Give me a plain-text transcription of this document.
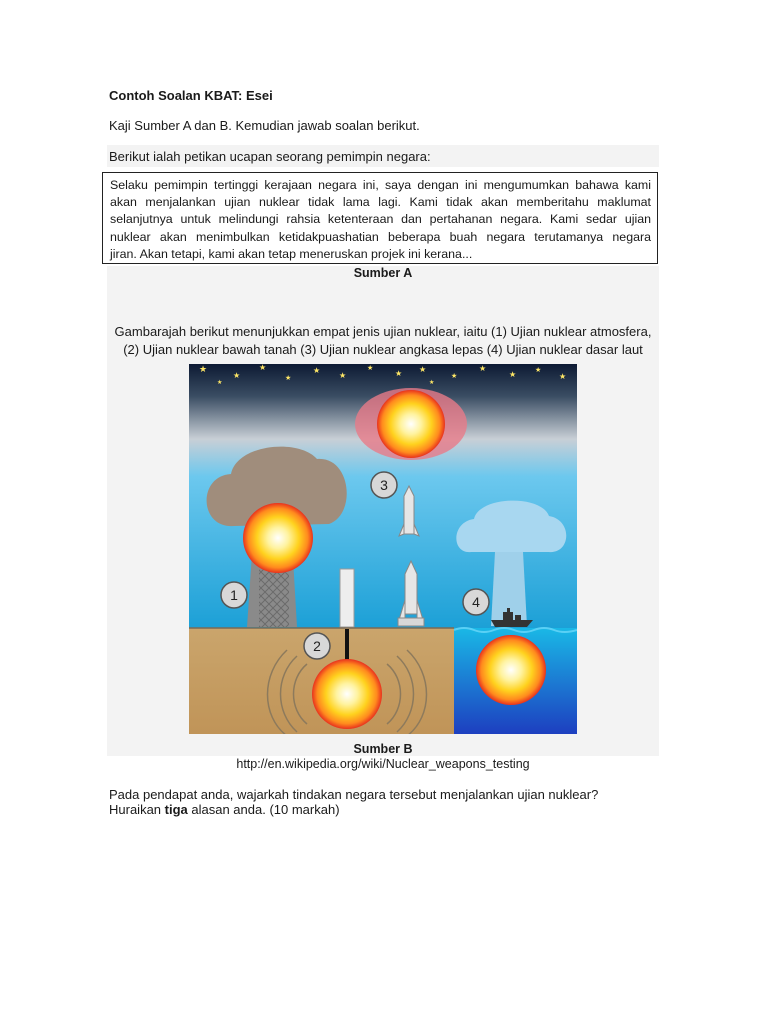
Contoh Soalan KBAT: Esei
Kaji Sumber A dan B. Kemudian jawab soalan berikut.
Berikut ialah petikan ucapan seorang pemimpin negara:
Selaku pemimpin tertinggi kerajaan negara ini, saya dengan ini mengumumkan bahawa kami
akan menjalankan ujian nuklear tidak lama lagi. Kami tidak akan memberitahu maklumat
selanjutnya untuk melindungi rahsia ketenteraan dan pertahanan negara. Kami sedar ujian
nuklear akan menimbulkan ketidakpuashatian beberapa buah negara terutamanya negara
jiran. Akan tetapi, kami akan tetap meneruskan projek ini kerana...
Sumber A
Gambarajah berikut menunjukkan empat jenis ujian nuklear, iaitu (1) Ujian nuklear atmosfera,
(2) Ujian nuklear bawah tanah (3) Ujian nuklear angkasa lepas (4) Ujian nuklear dasar laut
★
★
★
★
★
★
★
★ ★
★
★
★	★
★
★	★
1
2
3
4
Sumber B
http://en.wikipedia.org/wiki/Nuclear_weapons_testing
Pada pendapat anda, wajarkah tindakan negara tersebut menjalankan ujian nuklear?
Huraikan tiga alasan anda. (10 markah)
